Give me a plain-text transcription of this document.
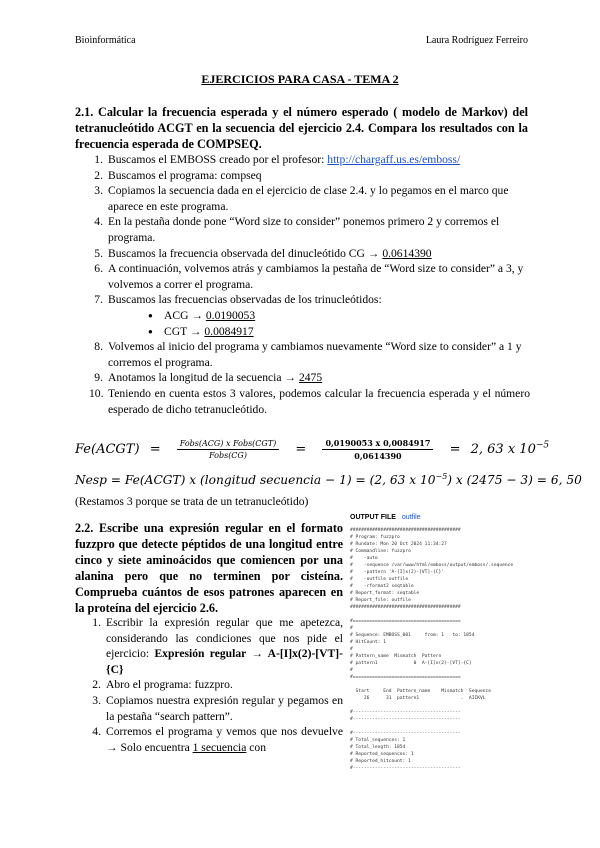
Bioinformática	Laura Rodríguez Ferreiro
EJERCICIOS PARA CASA - TEMA 2
2.1. Calcular la frecuencia esperada y el número esperado ( modelo de Markov) del tetranucleótido ACGT en la secuencia del ejercicio 2.4. Compara los resultados con la frecuencia esperada de COMPSEQ.
1. Buscamos el EMBOSS creado por el profesor: http://chargaff.us.es/emboss/
2. Buscamos el programa: compseq
3. Copiamos la secuencia dada en el ejercicio de clase 2.4. y lo pegamos en el marco que aparece en este programa.
4. En la pestaña donde pone “Word size to consider” ponemos primero 2 y corremos el programa.
5. Buscamos la frecuencia observada del dinucleótido CG → 0.0614390
6. A continuación, volvemos atrás y cambiamos la pestaña de “Word size to consider” a 3, y volvemos a correr el programa.
7. Buscamos las frecuencias observadas de los trinucleótidos:
● ACG → 0.0190053
● CGT → 0.0084917
8. Volvemos al inicio del programa y cambiamos nuevamente “Word size to consider” a 1 y corremos el programa.
9. Anotamos la longitud de la secuencia → 2475
10. Teniendo en cuenta estos 3 valores, podemos calcular la frecuencia esperada y el número esperado de dicho tetranucleótido.
Fe(ACGT) = $\frac{\text{Fobs(ACG) x Fobs(CGT)}}{\text{Fobs(CG)}} = \frac{0,0190053 x 0,0084917}{0,0614390} = 2$, 63 x $10^{-5}$
Nesp = Fe(ACGT) x (longitud secuencia − 1) = (2, 63 x $10^{-5}$) x (2475 − 3) = 6, 50
(Restamos 3 porque se trata de un tetranucleótido)
2.2. Escribe una expresión regular en el formato fuzzpro que detecte péptidos de una longitud entre cinco y siete aminoácidos que comiencen por una alanina pero que no terminen por cisteína. Comprueba cuántos de esos patrones aparecen en la proteína del ejercicio 2.6.
1. Escribir la expresión regular que me apetezca, considerando las condiciones que nos pide el ejercicio: Expresión regular → A-[I]x(2)-[VT]-{C}
2. Abro el programa: fuzzpro.
3. Copiamos nuestra expresión regular y pegamos en la pestaña “search pattern”.
4. Corremos el programa y vemos que nos devuelve → Solo encuentra 1 secuencia con
OUTPUT FILE outfile
########################################
# Program: fuzzpro
# Rundate: Mon 20 Oct 2024 11:34:27
# Commandline: fuzzpro
#    -auto
#    -sequence /var/www/html/emboss/output/emboss/.sequence
#    -pattern 'A-[I]x(2)-[VT]-{C}'
#    -outfile outfile
#    -rformat2 seqtable
# Report_format: seqtable
# Report_file: outfile
########################################

#=======================================
#
# Sequence: EMBOSS_001     from: 1   to: 1854
# HitCount: 1
#
# Pattern_name  Mismatch  Pattern
# pattern1             0  A-[I]x(2)-[VT]-{C}
#
#=======================================

Start     End  Pattern_name    Mismatch  Sequence
26      31  pattern1               .  AIIKVL

#---------------------------------------
#---------------------------------------

#---------------------------------------
# Total_sequences: 1
# Total_length: 1854
# Reported_sequences: 1
# Reported_hitcount: 1
#---------------------------------------
